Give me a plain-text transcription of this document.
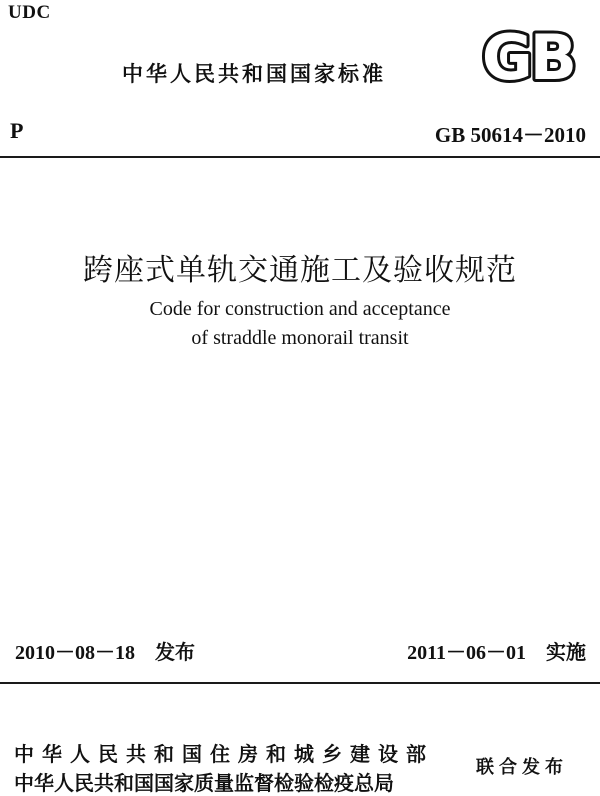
UDC
中华人民共和国国家标准 GB
P	GB 50614－2010
跨座式单轨交通施工及验收规范
Code for construction and acceptance
of straddle monorail transit
2010－08－18 发布	2011－06－01 实施
中华人民共和国住房和城乡建设部
中华人民共和国国家质量监督检验检疫总局
联合发布
